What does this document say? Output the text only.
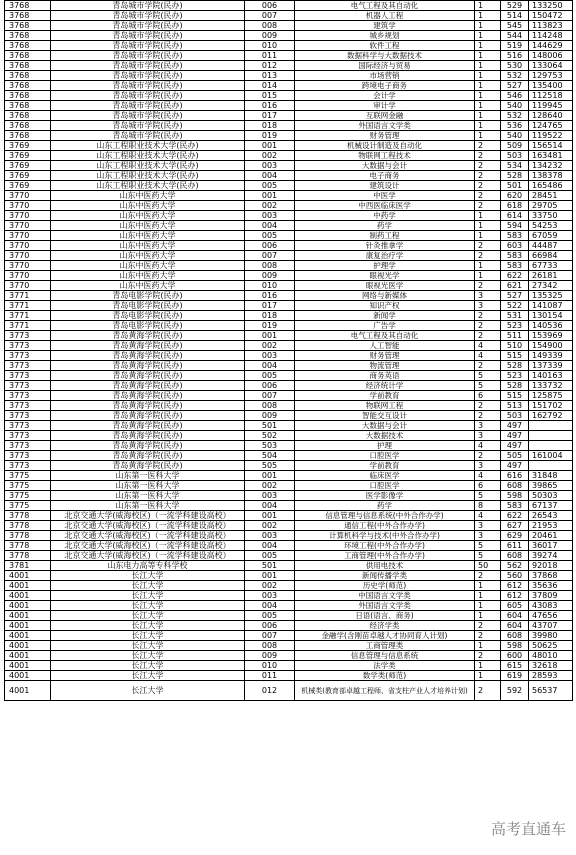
3768	青岛城市学院(民办)	006	电气工程及其自动化	1	529	133250
3768	青岛城市学院(民办)	007	机器人工程	1	514	150472
3768	青岛城市学院(民办)	008	建筑学	1	545	113823
3768	青岛城市学院(民办)	009	城乡规划	1	544	114248
3768	青岛城市学院(民办)	010	软件工程	1	519	144629
3768	青岛城市学院(民办)	011	数据科学与大数据技术	1	516	148006
3768	青岛城市学院(民办)	012	国际经济与贸易	1	530	133064
3768	青岛城市学院(民办)	013	市场营销	1	532	129753
3768	青岛城市学院(民办)	014	跨境电子商务	1	527	135400
3768	青岛城市学院(民办)	015	会计学	1	546	112518
3768	青岛城市学院(民办)	016	审计学	1	540	119945
3768	青岛城市学院(民办)	017	互联网金融	1	532	128640
3768	青岛城市学院(民办)	018	外国语言文学类	1	536	124765
3768	青岛城市学院(民办)	019	财务管理	1	540	119522
3769	山东工程职业技术大学(民办)	001	机械设计制造及自动化	2	509	156514
3769	山东工程职业技术大学(民办)	002	物联网工程技术	2	503	163481
3769	山东工程职业技术大学(民办)	003	大数据与会计	2	534	134232
3769	山东工程职业技术大学(民办)	004	电子商务	2	528	138378
3769	山东工程职业技术大学(民办)	005	建筑设计	2	501	165486
3770	山东中医药大学	001	中医学	2	620	28451
3770	山东中医药大学	002	中西医临床医学	2	618	29705
3770	山东中医药大学	003	中药学	1	614	33750
3770	山东中医药大学	004	药学	1	594	54253
3770	山东中医药大学	005	制药工程	1	583	67059
3770	山东中医药大学	006	针灸推拿学	2	603	44487
3770	山东中医药大学	007	康复治疗学	2	583	66984
3770	山东中医药大学	008	护理学	1	583	67733
3770	山东中医药大学	009	眼视光学	1	622	26181
3770	山东中医药大学	010	眼视光医学	2	621	27342
3771	青岛电影学院(民办)	016	网络与新媒体	3	527	135325
3771	青岛电影学院(民办)	017	知识产权	3	522	141087
3771	青岛电影学院(民办)	018	新闻学	2	531	130154
3771	青岛电影学院(民办)	019	广告学	2	523	140536
3773	青岛黄海学院(民办)	001	电气工程及其自动化	2	511	153969
3773	青岛黄海学院(民办)	002	人工智能	4	510	154900
3773	青岛黄海学院(民办)	003	财务管理	4	515	149339
3773	青岛黄海学院(民办)	004	物流管理	2	528	137339
3773	青岛黄海学院(民办)	005	商务英语	5	523	140163
3773	青岛黄海学院(民办)	006	经济统计学	5	528	133732
3773	青岛黄海学院(民办)	007	学前教育	6	515	125875
3773	青岛黄海学院(民办)	008	物联网工程	2	513	151702
3773	青岛黄海学院(民办)	009	智能交互设计	2	503	162792
3773	青岛黄海学院(民办)	501	大数据与会计	3	497	
3773	青岛黄海学院(民办)	502	大数据技术	3	497	
3773	青岛黄海学院(民办)	503	护理	4	497	
3773	青岛黄海学院(民办)	504	口腔医学	2	505	161004
3773	青岛黄海学院(民办)	505	学前教育	3	497	
3775	山东第一医科大学	001	临床医学	4	616	31848
3775	山东第一医科大学	002	口腔医学	6	608	39865
3775	山东第一医科大学	003	医学影像学	5	598	50303
3775	山东第一医科大学	004	药学	8	583	67137
3778	北京交通大学(威海校区)（一流学科建设高校）	001	信息管理与信息系统(中外合作办学)	4	622	26543
3778	北京交通大学(威海校区)（一流学科建设高校）	002	通信工程(中外合作办学)	3	627	21953
3778	北京交通大学(威海校区)（一流学科建设高校）	003	计算机科学与技术(中外合作办学)	3	629	20461
3778	北京交通大学(威海校区)（一流学科建设高校）	004	环境工程(中外合作办学)	5	611	36017
3778	北京交通大学(威海校区)（一流学科建设高校）	005	工商管理(中外合作办学)	5	608	39274
3781	山东电力高等专科学校	501	供用电技术	50	562	92018
4001	长江大学	001	新闻传播学类	2	560	37868
4001	长江大学	002	历史学(师范)	1	612	35636
4001	长江大学	003	中国语言文学类	1	612	37809
4001	长江大学	004	外国语言文学类	1	605	43083
4001	长江大学	005	日语(语言、商务)	1	604	47656
4001	长江大学	006	经济学类	2	604	43707
4001	长江大学	007	金融学(含刚苗卓越人才协同育人计划)	2	608	39980
4001	长江大学	008	工商管理类	1	598	50625
4001	长江大学	009	信息管理与信息系统	2	600	48010
4001	长江大学	010	法学类	1	615	32618
4001	长江大学	011	数学类(师范)	1	619	28593
4001	长江大学	012	机械类(教育部卓越工程师、省支柱产业人才培养计划)	2	592	56537
高考直通车
